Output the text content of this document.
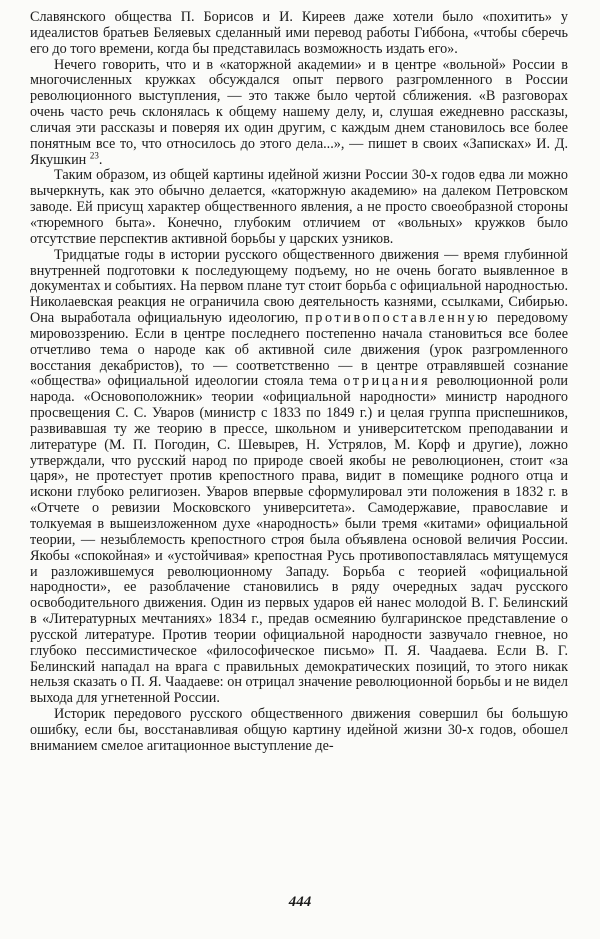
Славянского общества П. Борисов и И. Киреев даже хотели было «похитить» у идеалистов братьев Беляевых сделанный ими перевод работы Гиббона, «чтобы сберечь его до того времени, когда бы представилась возможность издать его».

Нечего говорить, что и в «каторжной академии» и в центре «вольной» России в многочисленных кружках обсуждался опыт первого разгромленного в России революционного выступления, — это также было чертой сближения. «В разговорах очень часто речь склонялась к общему нашему делу, и, слушая ежедневно рассказы, сличая эти рассказы и поверяя их один другим, с каждым днем становилось все более понятным все то, что относилось до этого дела...», — пишет в своих «Записках» И. Д. Якушкин $^{23}$.

Таким образом, из общей картины идейной жизни России 30-х годов едва ли можно вычеркнуть, как это обычно делается, «каторжную академию» на далеком Петровском заводе. Ей присущ характер общественного явления, а не просто своеобразной стороны «тюремного быта». Конечно, глубоким отличием от «вольных» кружков было отсутствие перспектив активной борьбы у царских узников.

Тридцатые годы в истории русского общественного движения — время глубинной внутренней подготовки к последующему подъему, но не очень богато выявленное в документах и событиях. На первом плане тут стоит борьба с официальной народностью. Николаевская реакция не ограничила свою деятельность казнями, ссылками, Сибирью. Она выработала официальную идеологию, противопоставленную передовому мировоззрению. Если в центре последнего постепенно начала становиться все более отчетливо тема о народе как об активной силе движения (урок разгромленного восстания декабристов), то — соответственно — в центре отравлявшей сознание «общества» официальной идеологии стояла тема отрицания революционной роли народа. «Основоположник» теории «официальной народности» министр народного просвещения С. С. Уваров (министр с 1833 по 1849 г.) и целая группа приспешников, развивавшая ту же теорию в прессе, школьном и университетском преподавании и литературе (М. П. Погодин, С. Шевырев, Н. Устрялов, М. Корф и другие), ложно утверждали, что русский народ по природе своей якобы не революционен, стоит «за царя», не протестует против крепостного права, видит в помещике родного отца и искони глубоко религиозен. Уваров впервые сформулировал эти положения в 1832 г. в «Отчете о ревизии Московского университета». Самодержавие, православие и толкуемая в вышеизложенном духе «народность» были тремя «китами» официальной теории, — незыблемость крепостного строя была объявлена основой величия России. Якобы «спокойная» и «устойчивая» крепостная Русь противопоставлялась мятущемуся и разложившемуся революционному Западу. Борьба с теорией «официальной народности», ее разоблачение становились в ряду очередных задач русского освободительного движения. Один из первых ударов ей нанес молодой В. Г. Белинский в «Литературных мечтаниях» 1834 г., предав осмеянию булгаринское представление о русской литературе. Против теории официальной народности зазвучало гневное, но глубоко пессимистическое «философическое письмо» П. Я. Чаадаева. Если В. Г. Белинский нападал на врага с правильных демократических позиций, то этого никак нельзя сказать о П. Я. Чаадаеве: он отрицал значение революционной борьбы и не видел выхода для угнетенной России.

Историк передового русского общественного движения совершил бы большую ошибку, если бы, восстанавливая общую картину идейной жизни 30-х годов, обошел вниманием смелое агитационное выступление де-

444
